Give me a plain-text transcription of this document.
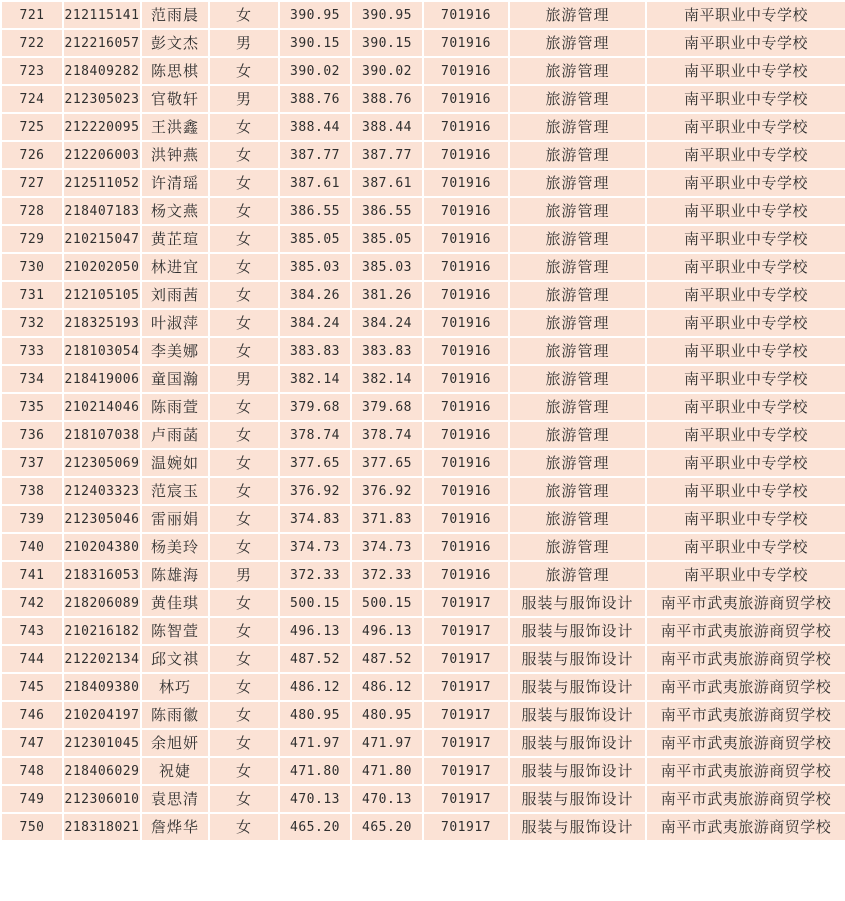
721	212115141	范雨晨	女	390.95	390.95	701916	旅游管理	南平职业中专学校
722	212216057	彭文杰	男	390.15	390.15	701916	旅游管理	南平职业中专学校
723	218409282	陈思棋	女	390.02	390.02	701916	旅游管理	南平职业中专学校
724	212305023	官敬轩	男	388.76	388.76	701916	旅游管理	南平职业中专学校
725	212220095	王洪鑫	女	388.44	388.44	701916	旅游管理	南平职业中专学校
726	212206003	洪钟燕	女	387.77	387.77	701916	旅游管理	南平职业中专学校
727	212511052	许清瑶	女	387.61	387.61	701916	旅游管理	南平职业中专学校
728	218407183	杨文燕	女	386.55	386.55	701916	旅游管理	南平职业中专学校
729	210215047	黄芷瑄	女	385.05	385.05	701916	旅游管理	南平职业中专学校
730	210202050	林进宜	女	385.03	385.03	701916	旅游管理	南平职业中专学校
731	212105105	刘雨茜	女	384.26	381.26	701916	旅游管理	南平职业中专学校
732	218325193	叶淑萍	女	384.24	384.24	701916	旅游管理	南平职业中专学校
733	218103054	李美娜	女	383.83	383.83	701916	旅游管理	南平职业中专学校
734	218419006	童国瀚	男	382.14	382.14	701916	旅游管理	南平职业中专学校
735	210214046	陈雨萱	女	379.68	379.68	701916	旅游管理	南平职业中专学校
736	218107038	卢雨菡	女	378.74	378.74	701916	旅游管理	南平职业中专学校
737	212305069	温婉如	女	377.65	377.65	701916	旅游管理	南平职业中专学校
738	212403323	范宸玉	女	376.92	376.92	701916	旅游管理	南平职业中专学校
739	212305046	雷丽娟	女	374.83	371.83	701916	旅游管理	南平职业中专学校
740	210204380	杨美玲	女	374.73	374.73	701916	旅游管理	南平职业中专学校
741	218316053	陈雄海	男	372.33	372.33	701916	旅游管理	南平职业中专学校
742	218206089	黄佳琪	女	500.15	500.15	701917	服装与服饰设计	南平市武夷旅游商贸学校
743	210216182	陈智萱	女	496.13	496.13	701917	服装与服饰设计	南平市武夷旅游商贸学校
744	212202134	邱文祺	女	487.52	487.52	701917	服装与服饰设计	南平市武夷旅游商贸学校
745	218409380	林巧	女	486.12	486.12	701917	服装与服饰设计	南平市武夷旅游商贸学校
746	210204197	陈雨徽	女	480.95	480.95	701917	服装与服饰设计	南平市武夷旅游商贸学校
747	212301045	余旭妍	女	471.97	471.97	701917	服装与服饰设计	南平市武夷旅游商贸学校
748	218406029	祝婕	女	471.80	471.80	701917	服装与服饰设计	南平市武夷旅游商贸学校
749	212306010	袁思清	女	470.13	470.13	701917	服装与服饰设计	南平市武夷旅游商贸学校
750	218318021	詹烨华	女	465.20	465.20	701917	服装与服饰设计	南平市武夷旅游商贸学校
